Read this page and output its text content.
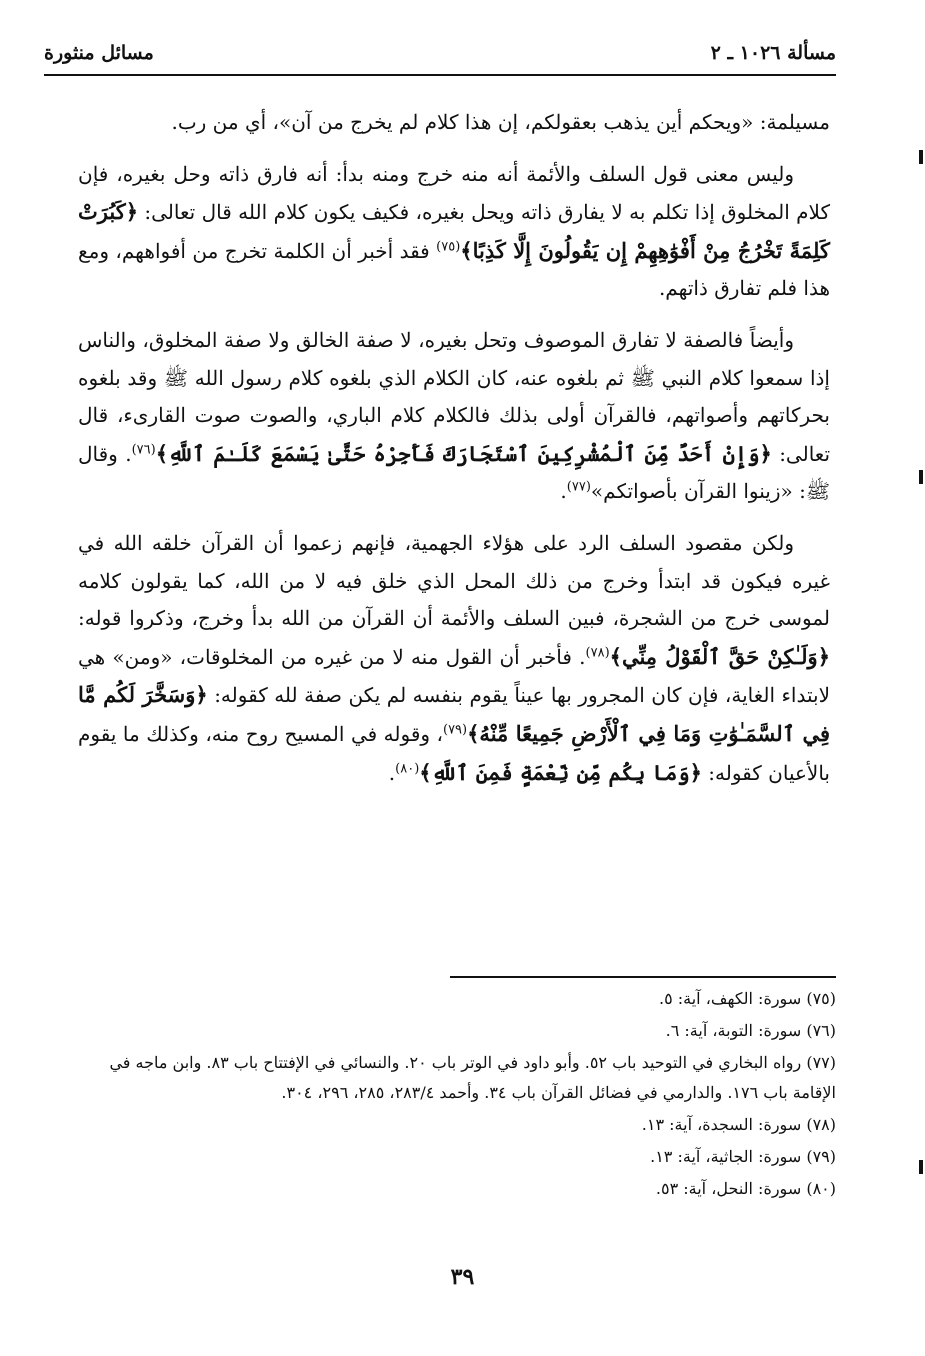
مسألة ١٠٢٦ ـ ٢
مسائل منثورة

مسيلمة: «ويحكم أين يذهب بعقولكم، إن هذا كلام لم يخرج من آن»، أي من رب.

وليس معنى قول السلف والأئمة أنه منه خرج ومنه بدأ: أنه فارق ذاته وحل بغيره، فإن كلام المخلوق إذا تكلم به لا يفارق ذاته ويحل بغيره، فكيف يكون كلام الله قال تعالى: ﴿كَبُرَتْ كَلِمَةً تَخْرُجُ مِنْ أَفْوَٰهِهِمْ إِن يَقُولُونَ إِلَّا كَذِبًا﴾$^{(٧٥)}$ فقد أخبر أن الكلمة تخرج من أفواههم، ومع هذا فلم تفارق ذاتهم.

وأيضاً فالصفة لا تفارق الموصوف وتحل بغيره، لا صفة الخالق ولا صفة المخلوق، والناس إذا سمعوا كلام النبي ﷺ ثم بلغوه عنه، كان الكلام الذي بلغوه كلام رسول الله ﷺ وقد بلغوه بحركاتهم وأصواتهم، فالقرآن أولى بذلك فالكلام كلام الباري، والصوت صوت القارىء، قال تعالى: ﴿وَإِنْ أَحَدٌ مِّنَ ٱلْمُشْرِكِينَ ٱسْتَجَارَكَ فَأَجِرْهُ حَتَّىٰ يَسْمَعَ كَلَـٰمَ ٱللَّهِ﴾$^{(٧٦)}$. وقال ﷺ: «زينوا القرآن بأصواتكم»$^{(٧٧)}$.

ولكن مقصود السلف الرد على هؤلاء الجهمية، فإنهم زعموا أن القرآن خلقه الله في غيره فيكون قد ابتدأ وخرج من ذلك المحل الذي خلق فيه لا من الله، كما يقولون كلامه لموسى خرج من الشجرة، فبين السلف والأئمة أن القرآن من الله بدأ وخرج، وذكروا قوله: ﴿وَلَـٰكِنْ حَقَّ ٱلْقَوْلُ مِنِّي﴾$^{(٧٨)}$. فأخبر أن القول منه لا من غيره من المخلوقات، «ومن» هي لابتداء الغاية، فإن كان المجرور بها عيناً يقوم بنفسه لم يكن صفة لله كقوله: ﴿وَسَخَّرَ لَكُم مَّا فِي ٱلسَّمَـٰوَٰتِ وَمَا فِي ٱلْأَرْضِ جَمِيعًا مِّنْهُ﴾$^{(٧٩)}$، وقوله في المسيح روح منه، وكذلك ما يقوم بالأعيان كقوله: ﴿وَمَا بِكُم مِّن نِّعْمَةٍ فَمِنَ ٱللَّهِ﴾$^{(٨٠)}$.

(٧٥) سورة: الكهف، آية: ٥.
(٧٦) سورة: التوبة، آية: ٦.
(٧٧) رواه البخاري في التوحيد باب ٥٢. وأبو داود في الوتر باب ٢٠. والنسائي في الإفتتاح باب ٨٣. وابن ماجه في الإقامة باب ١٧٦. والدارمي في فضائل القرآن باب ٣٤. وأحمد ٢٨٣/٤، ٢٨٥، ٢٩٦، ٣٠٤.
(٧٨) سورة: السجدة، آية: ١٣.
(٧٩) سورة: الجاثية، آية: ١٣.
(٨٠) سورة: النحل، آية: ٥٣.
٣٩
